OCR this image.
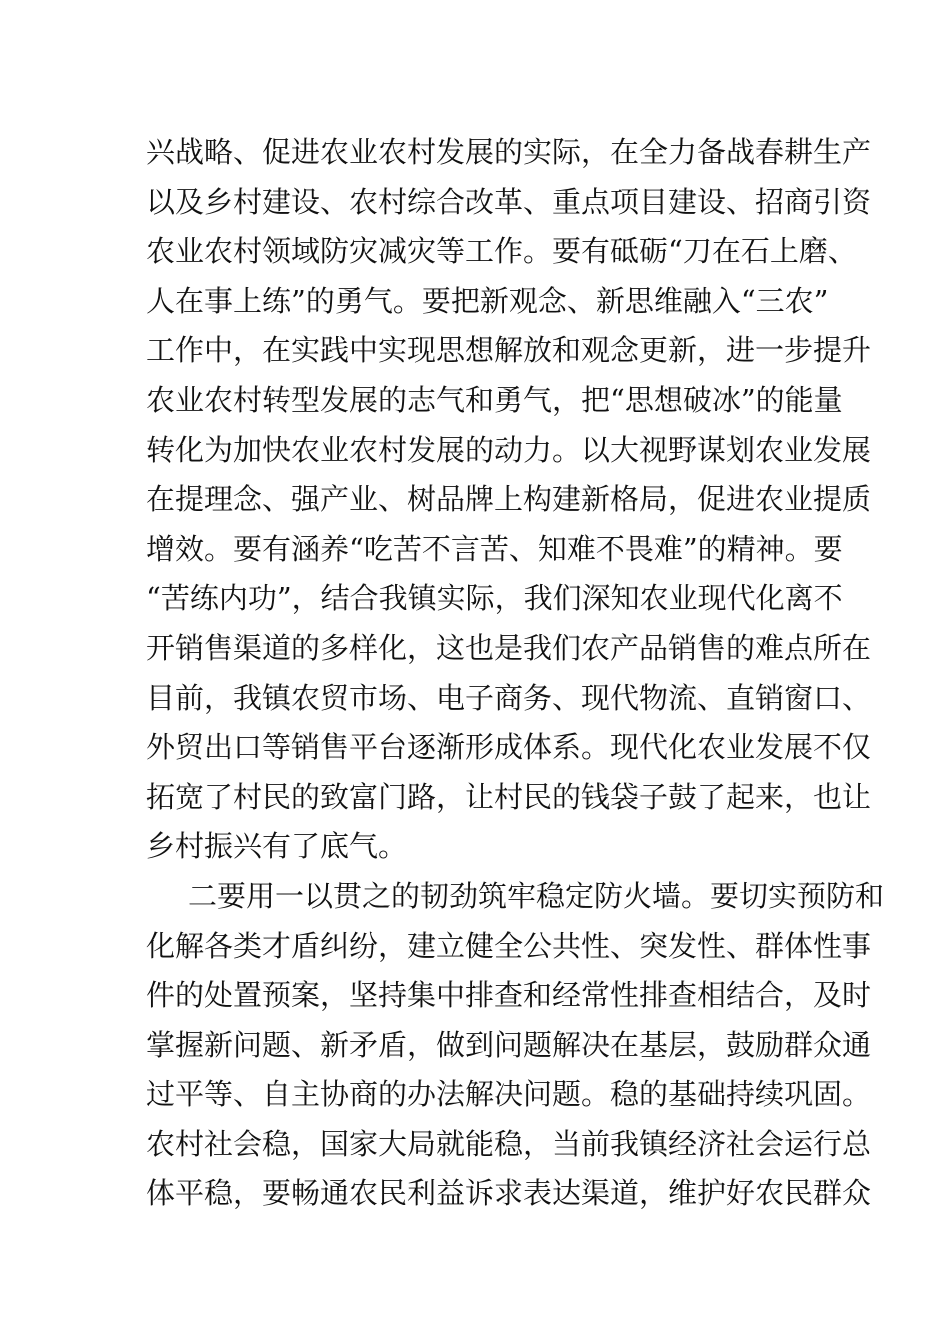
兴战略、促进农业农村发展的实际，在全力备战春耕生产
以及乡村建设、农村综合改革、重点项目建设、招商引资
农业农村领域防灾减灾等工作。要有砥砺“刀在石上磨、
人在事上练”的勇气。要把新观念、新思维融入“三农”
工作中，在实践中实现思想解放和观念更新，进一步提升
农业农村转型发展的志气和勇气，把“思想破冰”的能量
转化为加快农业农村发展的动力。以大视野谋划农业发展
在提理念、强产业、树品牌上构建新格局，促进农业提质
增效。要有涵养“吃苦不言苦、知难不畏难”的精神。要
“苦练内功”，结合我镇实际，我们深知农业现代化离不
开销售渠道的多样化，这也是我们农产品销售的难点所在
目前，我镇农贸市场、电子商务、现代物流、直销窗口、
外贸出口等销售平台逐渐形成体系。现代化农业发展不仅
拓宽了村民的致富门路，让村民的钱袋子鼓了起来，也让
乡村振兴有了底气。
二要用一以贯之的韧劲筑牢稳定防火墙。要切实预防和
化解各类才盾纠纷，建立健全公共性、突发性、群体性事
件的处置预案，坚持集中排查和经常性排查相结合，及时
掌握新问题、新矛盾，做到问题解决在基层，鼓励群众通
过平等、自主协商的办法解决问题。稳的基础持续巩固。
农村社会稳，国家大局就能稳，当前我镇经济社会运行总
体平稳，要畅通农民利益诉求表达渠道，维护好农民群众
